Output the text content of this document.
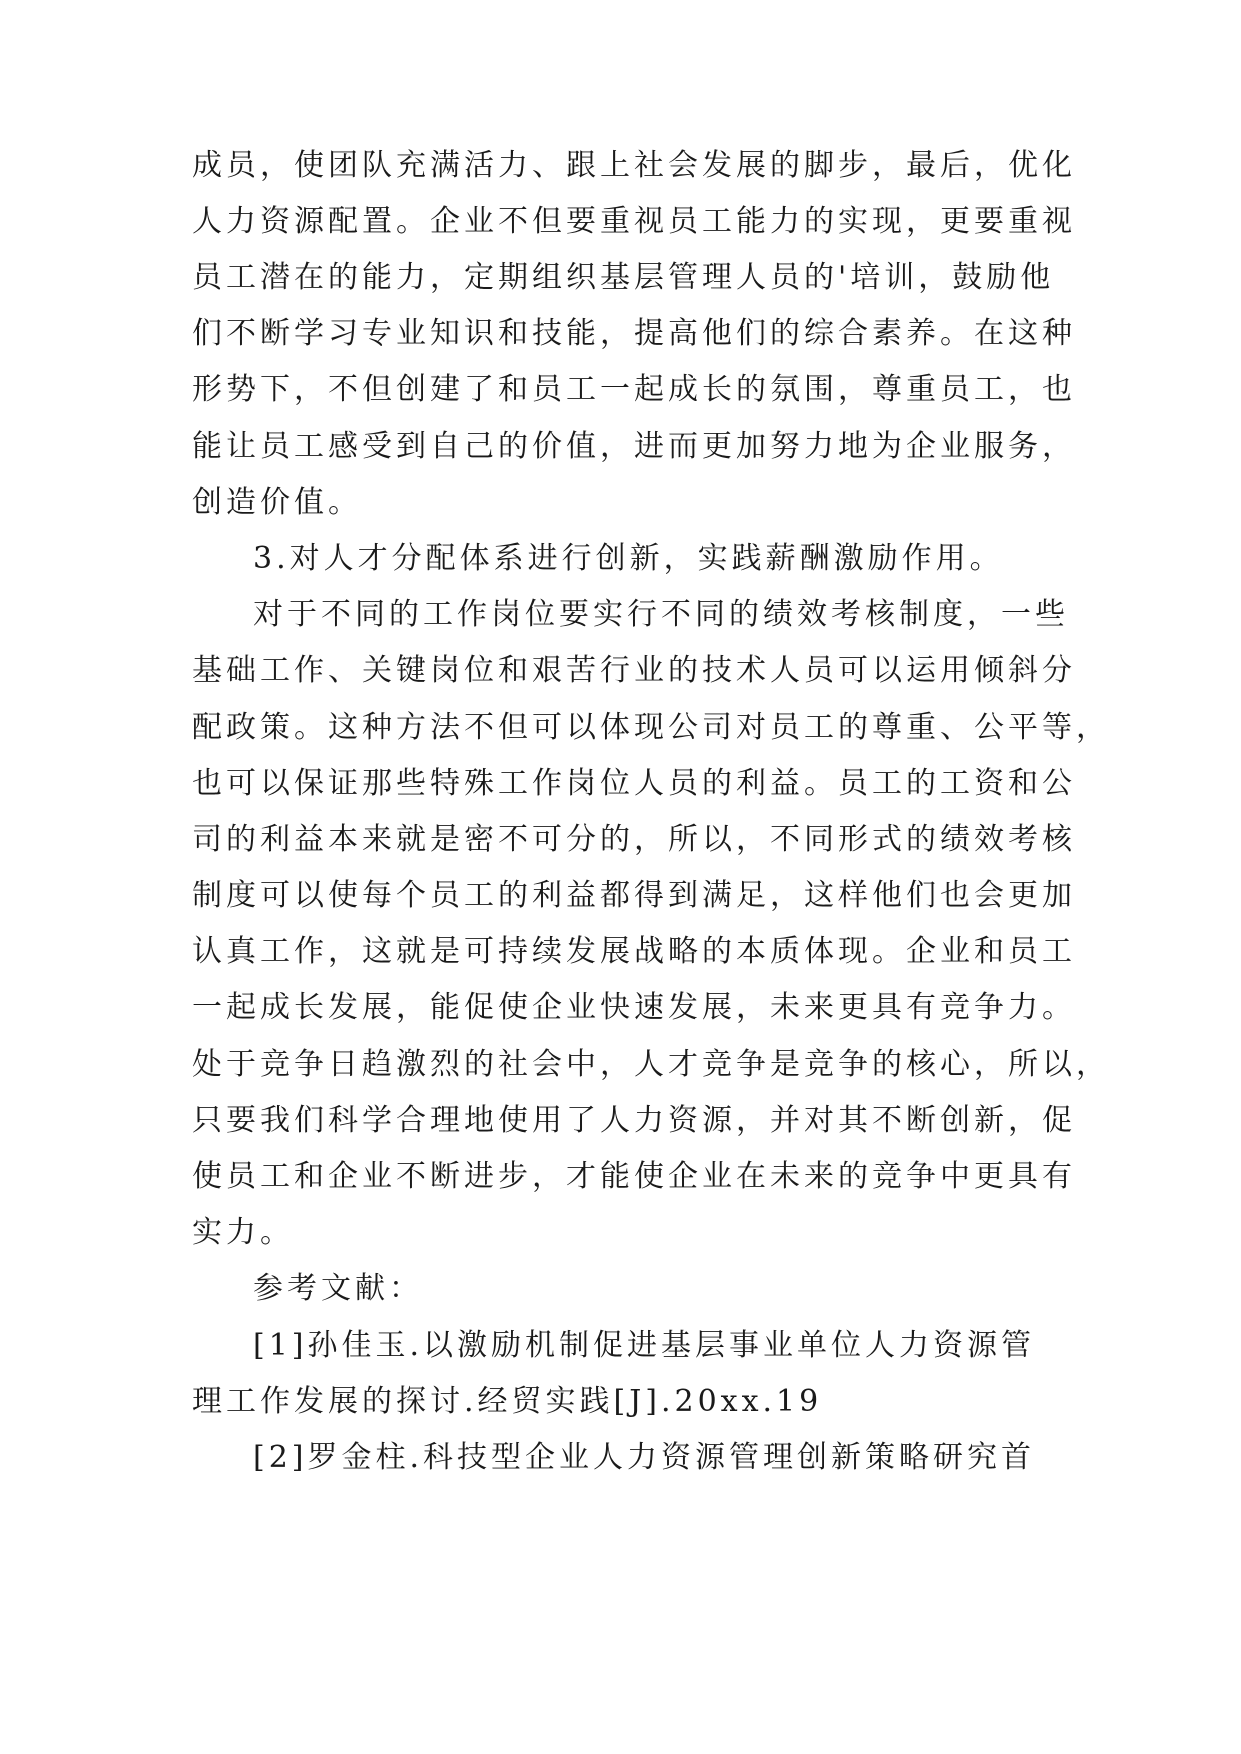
成员，使团队充满活力、跟上社会发展的脚步，最后，优化

人力资源配置。企业不但要重视员工能力的实现，更要重视

员工潜在的能力，定期组织基层管理人员的'培训，鼓励他

们不断学习专业知识和技能，提高他们的综合素养。在这种

形势下，不但创建了和员工一起成长的氛围，尊重员工，也

能让员工感受到自己的价值，进而更加努力地为企业服务，

创造价值。

3.对人才分配体系进行创新，实践薪酬激励作用。

对于不同的工作岗位要实行不同的绩效考核制度，一些

基础工作、关键岗位和艰苦行业的技术人员可以运用倾斜分

配政策。这种方法不但可以体现公司对员工的尊重、公平等，

也可以保证那些特殊工作岗位人员的利益。员工的工资和公

司的利益本来就是密不可分的，所以，不同形式的绩效考核

制度可以使每个员工的利益都得到满足，这样他们也会更加

认真工作，这就是可持续发展战略的本质体现。企业和员工

一起成长发展，能促使企业快速发展，未来更具有竞争力。

处于竞争日趋激烈的社会中，人才竞争是竞争的核心，所以，

只要我们科学合理地使用了人力资源，并对其不断创新，促

使员工和企业不断进步，才能使企业在未来的竞争中更具有

实力。

参考文献：

[1]孙佳玉.以激励机制促进基层事业单位人力资源管

理工作发展的探讨.经贸实践[J].20xx.19

[2]罗金柱.科技型企业人力资源管理创新策略研究首
